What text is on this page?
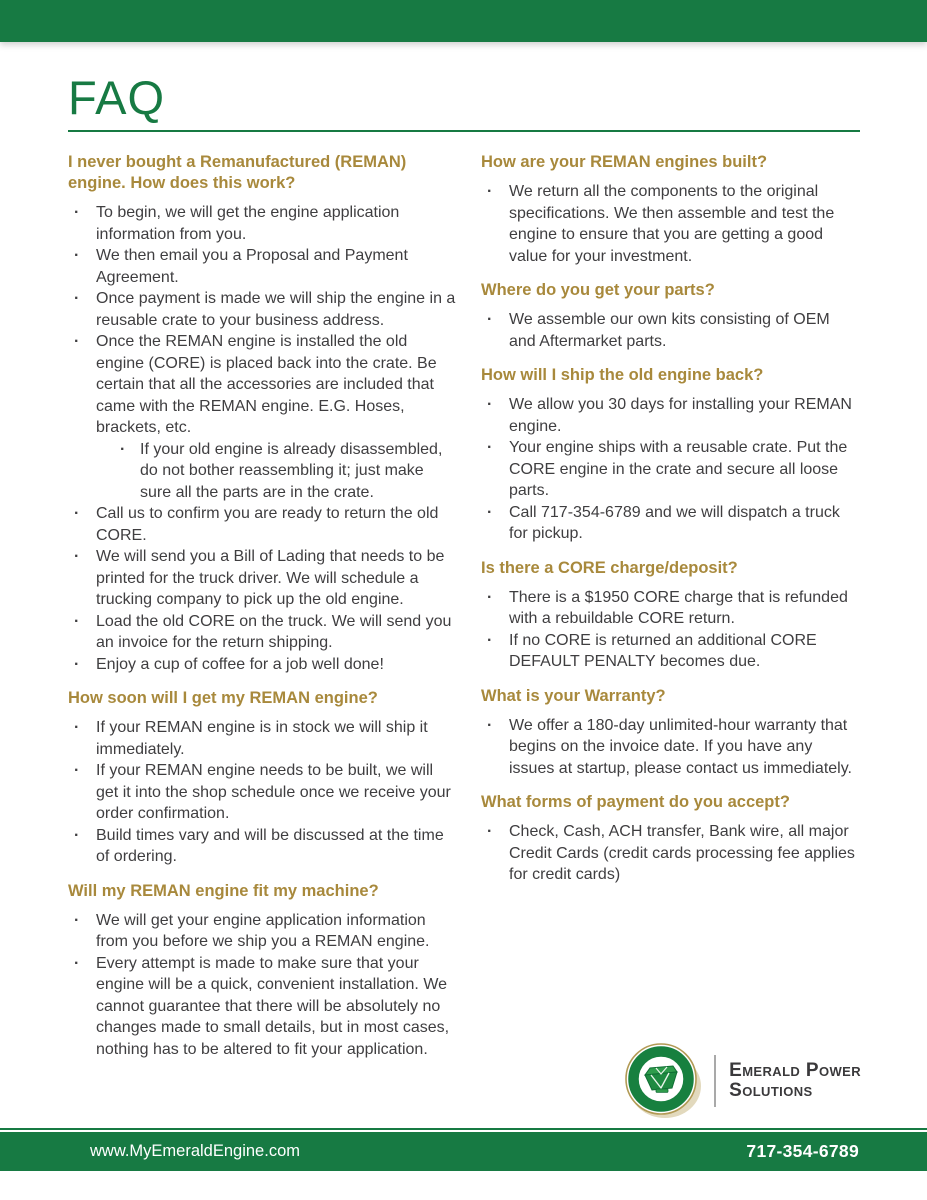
FAQ
I never bought a Remanufactured (REMAN) engine. How does this work?
· To begin, we will get the engine application information from you.
· We then email you a Proposal and Payment Agreement.
· Once payment is made we will ship the engine in a reusable crate to your business address.
· Once the REMAN engine is installed the old engine (CORE) is placed back into the crate. Be certain that all the accessories are included that came with the REMAN engine. E.G. Hoses, brackets, etc.
· If your old engine is already disassembled, do not bother reassembling it; just make sure all the parts are in the crate.
· Call us to confirm you are ready to return the old CORE.
· We will send you a Bill of Lading that needs to be printed for the truck driver. We will schedule a trucking company to pick up the old engine.
· Load the old CORE on the truck. We will send you an invoice for the return shipping.
· Enjoy a cup of coffee for a job well done!
How soon will I get my REMAN engine?
· If your REMAN engine is in stock we will ship it immediately.
· If your REMAN engine needs to be built, we will get it into the shop schedule once we receive your order confirmation.
· Build times vary and will be discussed at the time of ordering.
Will my REMAN engine fit my machine?
· We will get your engine application information from you before we ship you a REMAN engine.
· Every attempt is made to make sure that your engine will be a quick, convenient installation. We cannot guarantee that there will be absolutely no changes made to small details, but in most cases, nothing has to be altered to fit your application.
How are your REMAN engines built?
· We return all the components to the original specifications. We then assemble and test the engine to ensure that you are getting a good value for your investment.
Where do you get your parts?
· We assemble our own kits consisting of OEM and Aftermarket parts.
How will I ship the old engine back?
· We allow you 30 days for installing your REMAN engine.
· Your engine ships with a reusable crate. Put the CORE engine in the crate and secure all loose parts.
· Call 717-354-6789 and we will dispatch a truck for pickup.
Is there a CORE charge/deposit?
· There is a $1950 CORE charge that is refunded with a rebuildable CORE return.
· If no CORE is returned an additional CORE DEFAULT PENALTY becomes due.
What is your Warranty?
· We offer a 180-day unlimited-hour warranty that begins on the invoice date. If you have any issues at startup, please contact us immediately.
What forms of payment do you accept?
· Check, Cash, ACH transfer, Bank wire, all major Credit Cards (credit cards processing fee applies for credit cards)
Emerald Power
Solutions
www.MyEmeraldEngine.com	717-354-6789
